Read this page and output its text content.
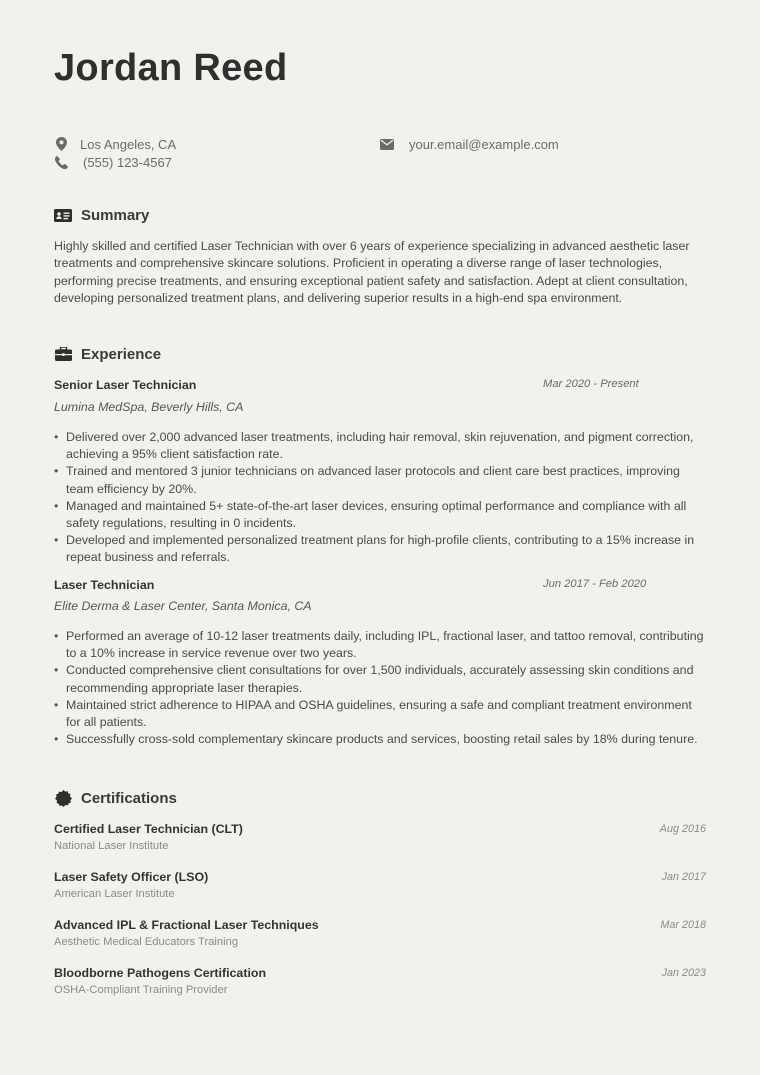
Jordan Reed
Los Angeles, CA
(555) 123-4567
your.email@example.com
Summary

Highly skilled and certified Laser Technician with over 6 years of experience specializing in advanced aesthetic laser treatments and comprehensive skincare solutions. Proficient in operating a diverse range of laser technologies, performing precise treatments, and ensuring exceptional patient safety and satisfaction. Adept at client consultation, developing personalized treatment plans, and delivering superior results in a high-end spa environment.

Experience
Senior Laser Technician	Mar 2020 - Present
Lumina MedSpa, Beverly Hills, CA
• Delivered over 2,000 advanced laser treatments, including hair removal, skin rejuvenation, and pigment correction, achieving a 95% client satisfaction rate.
• Trained and mentored 3 junior technicians on advanced laser protocols and client care best practices, improving team efficiency by 20%.
• Managed and maintained 5+ state-of-the-art laser devices, ensuring optimal performance and compliance with all safety regulations, resulting in 0 incidents.
• Developed and implemented personalized treatment plans for high-profile clients, contributing to a 15% increase in repeat business and referrals.
Laser Technician	Jun 2017 - Feb 2020
Elite Derma & Laser Center, Santa Monica, CA
• Performed an average of 10-12 laser treatments daily, including IPL, fractional laser, and tattoo removal, contributing to a 10% increase in service revenue over two years.
• Conducted comprehensive client consultations for over 1,500 individuals, accurately assessing skin conditions and recommending appropriate laser therapies.
• Maintained strict adherence to HIPAA and OSHA guidelines, ensuring a safe and compliant treatment environment for all patients.
• Successfully cross-sold complementary skincare products and services, boosting retail sales by 18% during tenure.
Certifications
Certified Laser Technician (CLT)	Aug 2016
National Laser Institute
Laser Safety Officer (LSO)	Jan 2017
American Laser Institute
Advanced IPL & Fractional Laser Techniques	Mar 2018
Aesthetic Medical Educators Training
Bloodborne Pathogens Certification	Jan 2023
OSHA-Compliant Training Provider
